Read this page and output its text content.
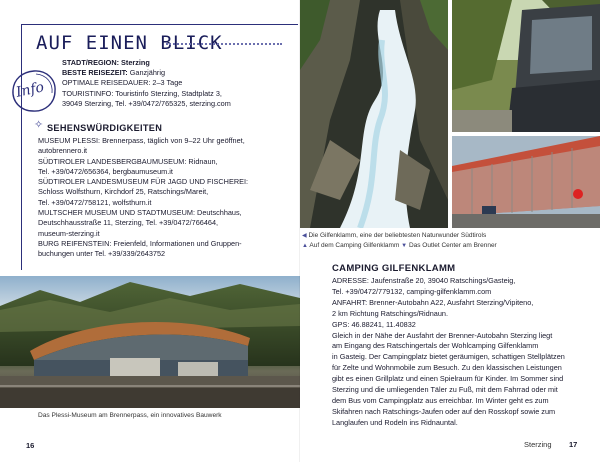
AUF EINEN BLICK
Info
STADT/REGION: Sterzing
BESTE REISEZEIT: Ganzjährig
OPTIMALE REISEDAUER: 2–3 Tage
TOURISTINFO: Touristinfo Sterzing, Stadtplatz 3,
39049 Sterzing, Tel. +39/0472/765325, sterzing.com
✧ SEHENSWÜRDIGKEITEN
MUSEUM PLESSI: Brennerpass, täglich von 9–22 Uhr geöffnet,
autobrennero.it
SÜDTIROLER LANDESBERGBAUMUSEUM: Ridnaun,
Tel. +39/0472/656364, bergbaumuseum.it
SÜDTIROLER LANDESMUSEUM FÜR JAGD UND FISCHEREI:
Schloss Wolfsthurn, Kirchdorf 25, Ratschings/Mareit,
Tel. +39/0472/758121, wolfsthurn.it
MULTSCHER MUSEUM UND STADTMUSEUM: Deutschhaus,
Deutschhausstraße 11, Sterzing, Tel. +39/0472/766464,
museum-sterzing.it
BURG REIFENSTEIN: Freienfeld, Informationen und Gruppen-
buchungen unter Tel. +39/339/2643752
Das Plessi-Museum am Brennerpass, ein innovatives Bauwerk
16
◀ Die Gilfenklamm, eine der beliebtesten Naturwunder Südtirols
▲ Auf dem Camping Gilfenklamm ▼ Das Outlet Center am Brenner
CAMPING GILFENKLAMM
ADRESSE: Jaufenstraße 20, 39040 Ratschings/Gasteig,
Tel. +39/0472/779132, camping-gilfenklamm.com
ANFAHRT: Brenner-Autobahn A22, Ausfahrt Sterzing/Vipiteno,
2 km Richtung Ratschings/Ridnaun.
GPS: 46.88241, 11.40832
Gleich in der Nähe der Ausfahrt der Brenner-Autobahn Sterzing liegt
am Eingang des Ratschingertals der Wohlcamping Gilfenklamm
in Gasteig. Der Campingplatz bietet geräumigen, schattigen Stellplätzen
für Zelte und Wohnmobile zum Besuch. Zu den klassischen Leistungen
gibt es einen Grillplatz und einen Spielraum für Kinder. Im Sommer sind
Sterzing und die umliegenden Täler zu Fuß, mit dem Fahrrad oder mit
dem Bus vom Campingplatz aus erreichbar. Im Winter geht es zum
Skifahren nach Ratschings-Jaufen oder auf den Rosskopf sowie zum
Langlaufen und Rodeln ins Ridnauntal.
Sterzing 17
